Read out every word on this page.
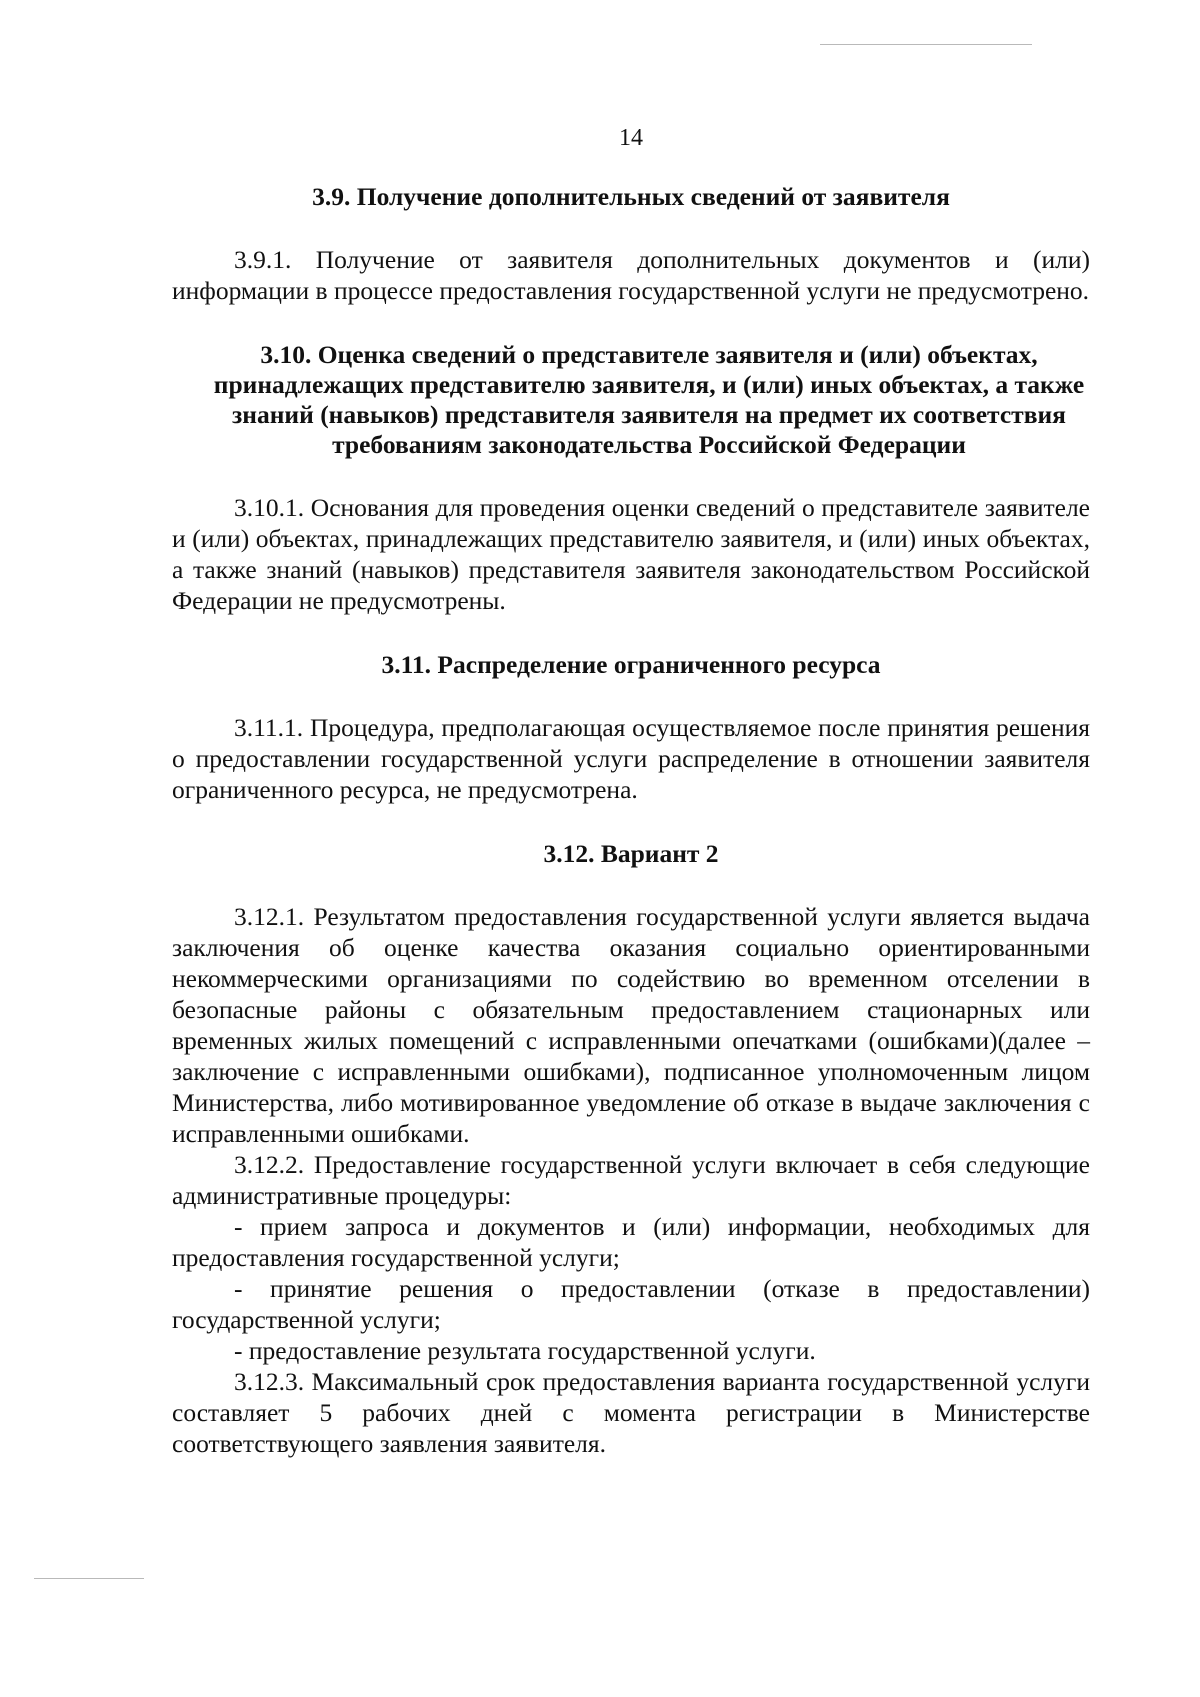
14
3.9. Получение дополнительных сведений от заявителя

3.9.1. Получение от заявителя дополнительных документов и (или) информации в процессе предоставления государственной услуги не предусмотрено.

3.10. Оценка сведений о представителе заявителя и (или) объектах, принадлежащих представителю заявителя, и (или) иных объектах, а также знаний (навыков) представителя заявителя на предмет их соответствия требованиям законодательства Российской Федерации

3.10.1. Основания для проведения оценки сведений о представителе заявителе и (или) объектах, принадлежащих представителю заявителя, и (или) иных объектах, а также знаний (навыков) представителя заявителя законодательством Российской Федерации не предусмотрены.

3.11. Распределение ограниченного ресурса

3.11.1. Процедура, предполагающая осуществляемое после принятия решения о предоставлении государственной услуги распределение в отношении заявителя ограниченного ресурса, не предусмотрена.

3.12. Вариант 2

3.12.1. Результатом предоставления государственной услуги является выдача заключения об оценке качества оказания социально ориентированными некоммерческими организациями по содействию во временном отселении в безопасные районы с обязательным предоставлением стационарных или временных жилых помещений с исправленными опечатками (ошибками)(далее – заключение с исправленными ошибками), подписанное уполномоченным лицом Министерства, либо мотивированное уведомление об отказе в выдаче заключения с исправленными ошибками.

3.12.2. Предоставление государственной услуги включает в себя следующие административные процедуры:

- прием запроса и документов и (или) информации, необходимых для предоставления государственной услуги;

- принятие решения о предоставлении (отказе в предоставлении) государственной услуги;

- предоставление результата государственной услуги.

3.12.3. Максимальный срок предоставления варианта государственной услуги составляет 5 рабочих дней с момента регистрации в Министерстве соответствующего заявления заявителя.
